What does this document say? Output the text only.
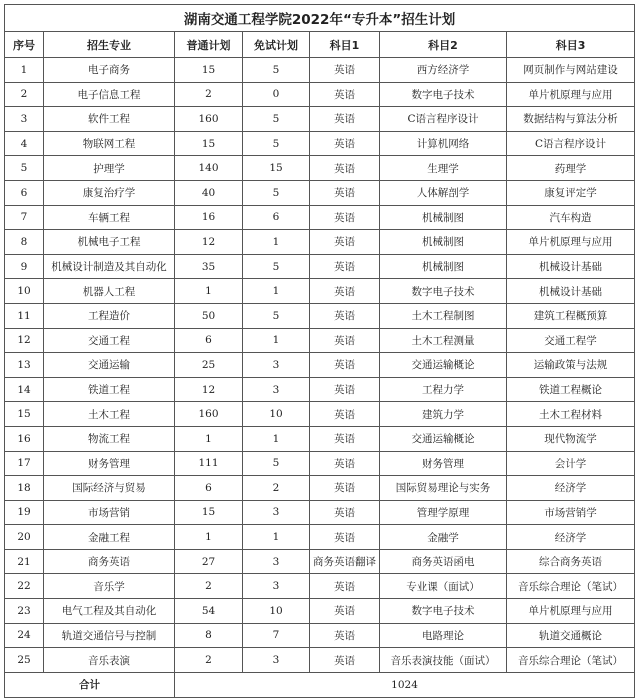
湖南交通工程学院2022年“专升本”招生计划						
序号	招生专业	普通计划	免试计划	科目1	科目2	科目3
1	电子商务	15	5	英语	西方经济学	网页制作与网站建设
2	电子信息工程	2	0	英语	数字电子技术	单片机原理与应用
3	软件工程	160	5	英语	C语言程序设计	数据结构与算法分析
4	物联网工程	15	5	英语	计算机网络	C语言程序设计
5	护理学	140	15	英语	生理学	药理学
6	康复治疗学	40	5	英语	人体解剖学	康复评定学
7	车辆工程	16	6	英语	机械制图	汽车构造
8	机械电子工程	12	1	英语	机械制图	单片机原理与应用
9	机械设计制造及其自动化	35	5	英语	机械制图	机械设计基础
10	机器人工程	1	1	英语	数字电子技术	机械设计基础
11	工程造价	50	5	英语	土木工程制图	建筑工程概预算
12	交通工程	6	1	英语	土木工程测量	交通工程学
13	交通运输	25	3	英语	交通运输概论	运输政策与法规
14	铁道工程	12	3	英语	工程力学	铁道工程概论
15	土木工程	160	10	英语	建筑力学	土木工程材料
16	物流工程	1	1	英语	交通运输概论	现代物流学
17	财务管理	111	5	英语	财务管理	会计学
18	国际经济与贸易	6	2	英语	国际贸易理论与实务	经济学
19	市场营销	15	3	英语	管理学原理	市场营销学
20	金融工程	1	1	英语	金融学	经济学
21	商务英语	27	3	商务英语翻译	商务英语函电	综合商务英语
22	音乐学	2	3	英语	专业课（面试）	音乐综合理论（笔试）
23	电气工程及其自动化	54	10	英语	数字电子技术	单片机原理与应用
24	轨道交通信号与控制	8	7	英语	电路理论	轨道交通概论
25	音乐表演	2	3	英语	音乐表演技能（面试）	音乐综合理论（笔试）
合计		1024				
